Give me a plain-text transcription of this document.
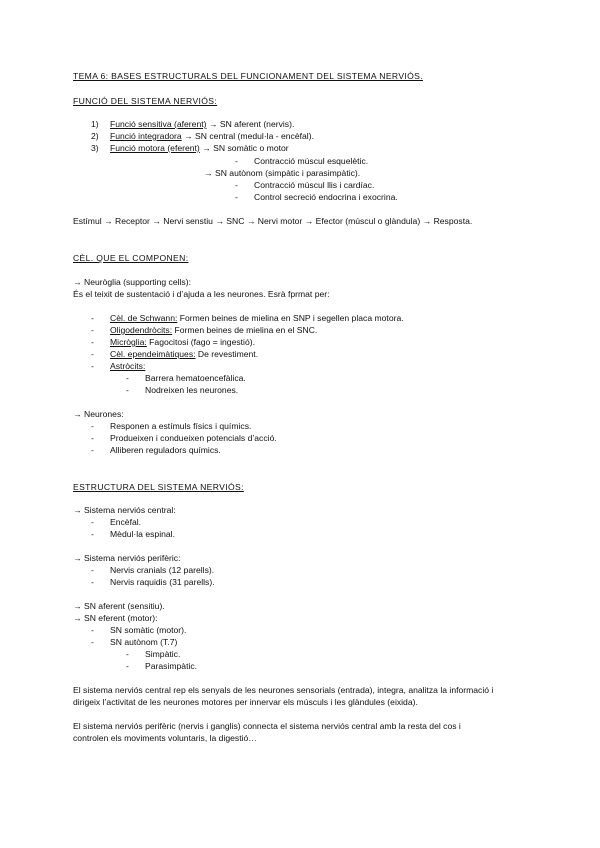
TEMA 6: BASES ESTRUCTURALS DEL FUNCIONAMENT DEL SISTEMA NERVIÓS.
FUNCIÓ DEL SISTEMA NERVIÓS:
1) Funció sensitiva (aferent) → SN aferent (nervis).
2) Funció integradora → SN central (medul·la - encèfal).
3) Funció motora (eferent) → SN somàtic o motor
- Contracció múscul esquelètic.
→ SN autònom (simpàtic i parasimpàtic).
- Contracció múscul llis i cardíac.
- Control secreció endocrina i exocrina.
Estímul → Receptor → Nervi senstiu → SNC → Nervi motor → Efector (múscul o glàndula) → Resposta.
CÈL. QUE EL COMPONEN:
→ Neuròglia (supporting cells):
És el teixit de sustentació i d’ajuda a les neurones. Esrà fprmat per:
- Cèl. de Schwann: Formen beines de mielina en SNP i segellen placa motora.
- Oligodendròcits: Formen beines de mielina en el SNC.
- Micròglia: Fagocitosi (fago = ingestió).
- Cèl. ependeimàtiques: De revestiment.
- Astròcits:
- Barrera hematoencefàlica.
- Nodreixen les neurones.
→ Neurones:
- Responen a estímuls físics i químics.
- Produeixen i condueixen potencials d’acció.
- Alliberen reguladors químics.
ESTRUCTURA DEL SISTEMA NERVIÓS:
→ Sistema nerviós central:
- Encèfal.
- Mèdul·la espinal.
→ Sistema nerviós perifèric:
- Nervis cranials (12 parells).
- Nervis raquidis (31 parells).
→ SN aferent (sensitiu).
→ SN eferent (motor):
- SN somàtic (motor).
- SN autònom (T.7)
- Simpàtic.
- Parasimpàtic.
El sistema nerviós central rep els senyals de les neurones sensorials (entrada), integra, analitza la informació i
dirigeix l’activitat de les neurones motores per innervar els músculs i les glàndules (eixida).
El sistema nerviós perifèric (nervis i ganglis) connecta el sistema nerviós central amb la resta del cos i
controlen els moviments voluntaris, la digestió…
